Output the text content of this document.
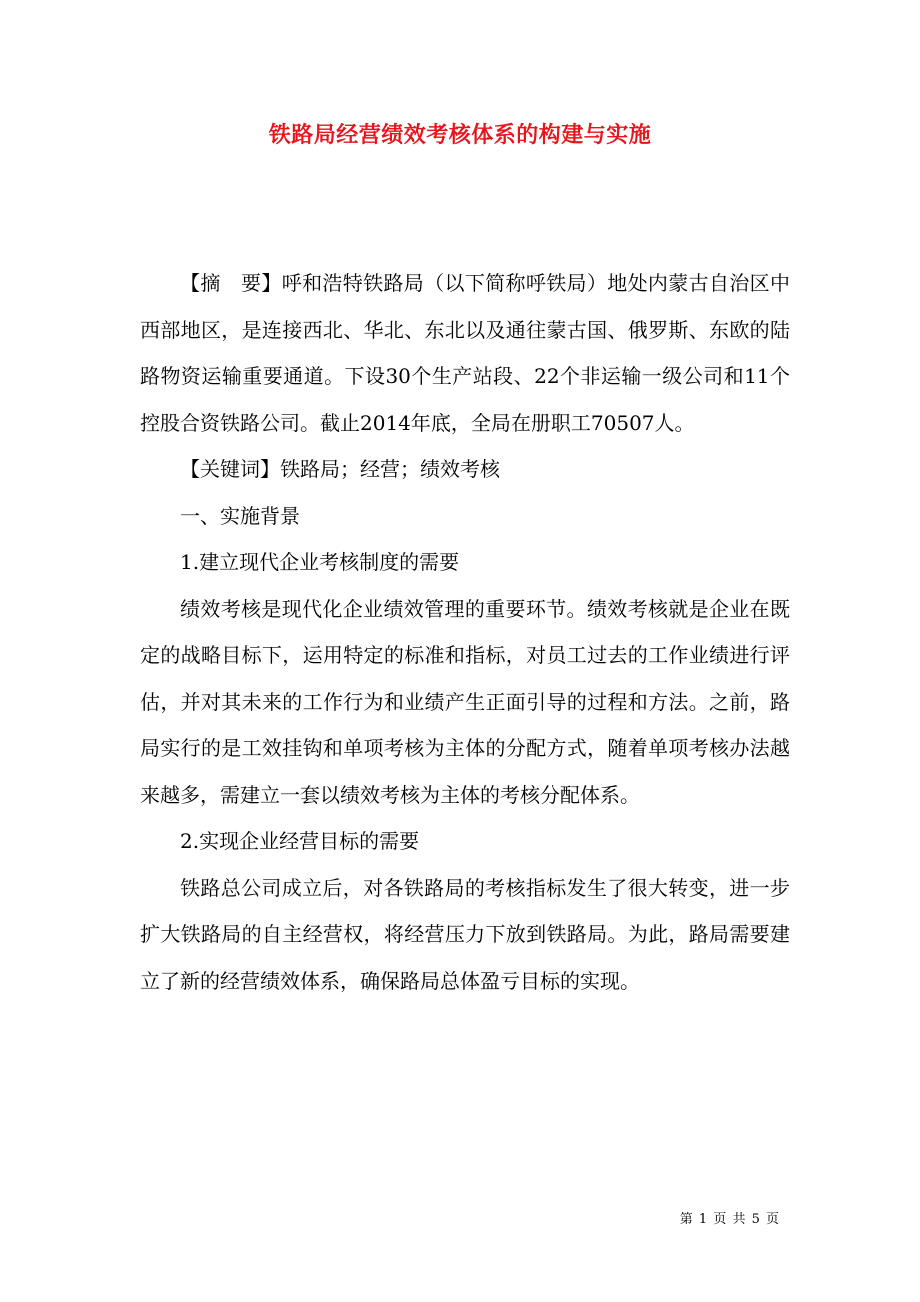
铁路局经营绩效考核体系的构建与实施

【摘　要】呼和浩特铁路局（以下简称呼铁局）地处内蒙古自治区中西部地区，是连接西北、华北、东北以及通往蒙古国、俄罗斯、东欧的陆路物资运输重要通道。下设30个生产站段、22个非运输一级公司和11个控股合资铁路公司。截止2014年底，全局在册职工70507人。

【关键词】铁路局；经营；绩效考核

一、实施背景

1.建立现代企业考核制度的需要

绩效考核是现代化企业绩效管理的重要环节。绩效考核就是企业在既定的战略目标下，运用特定的标准和指标，对员工过去的工作业绩进行评估，并对其未来的工作行为和业绩产生正面引导的过程和方法。之前，路局实行的是工效挂钩和单项考核为主体的分配方式，随着单项考核办法越来越多，需建立一套以绩效考核为主体的考核分配体系。

2.实现企业经营目标的需要

铁路总公司成立后，对各铁路局的考核指标发生了很大转变，进一步扩大铁路局的自主经营权，将经营压力下放到铁路局。为此，路局需要建立了新的经营绩效体系，确保路局总体盈亏目标的实现。

第 1 页 共 5 页
